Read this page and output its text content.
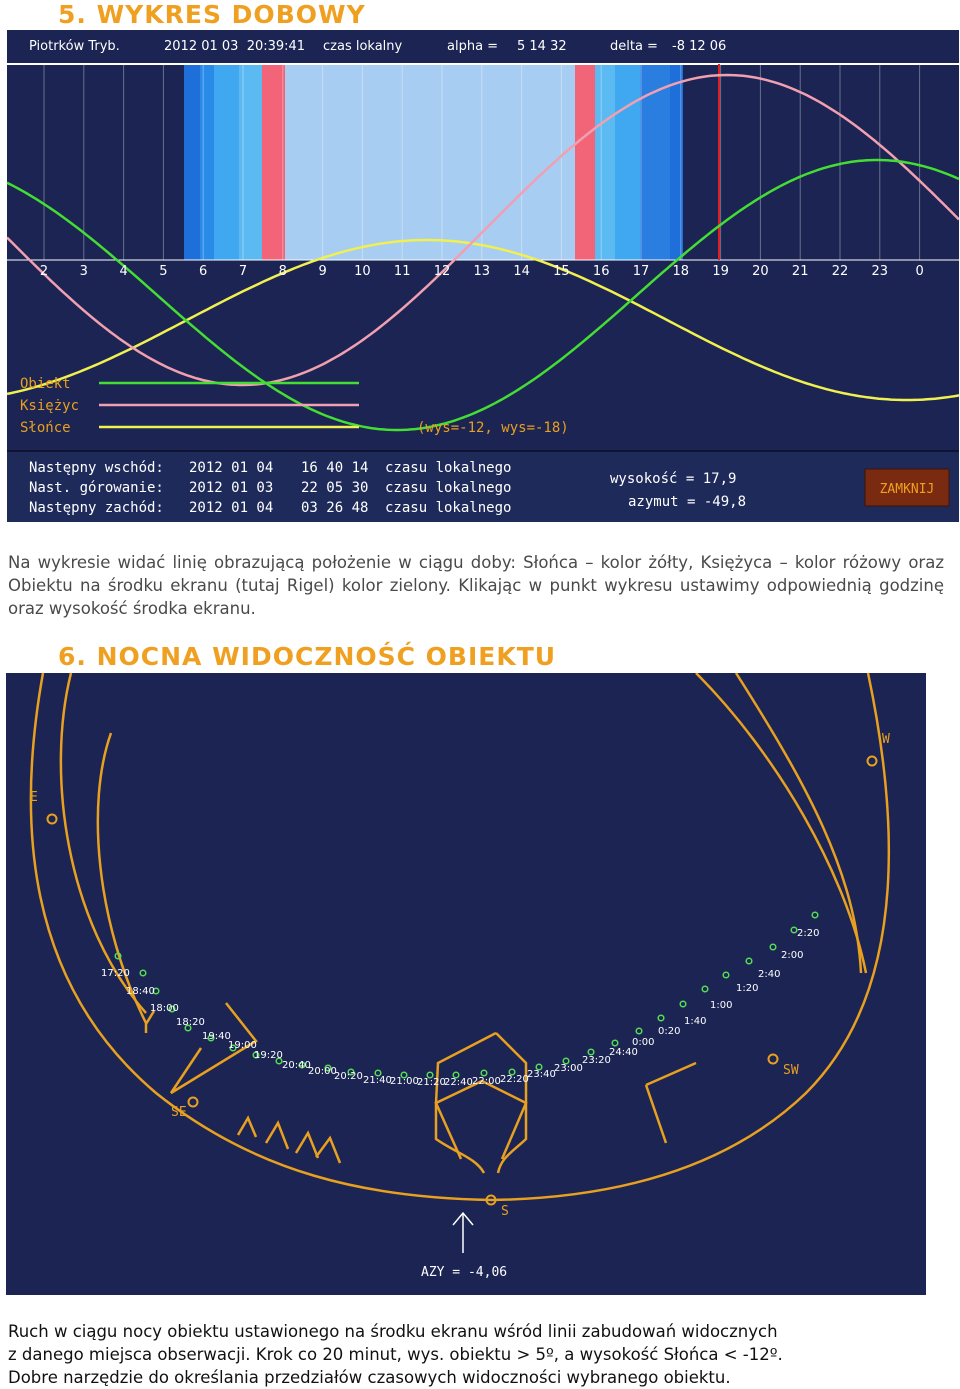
5. WYKRES DOBOWY
2 3 4 5 6 7 8 9 10 11 12 13 14 15 16 17 18 19 20 21 22 23 0
Piotrków Tryb.	2012 01 03  20:39:41 czas lokalny	alpha = 5 14 32	delta = -8 12 06
Obiekt
Księżyc
Słońce	(wys=-12, wys=-18)
Następny wschód: 2012 01 04 16 40 14 czasu lokalnego
Nast. górowanie: 2012 01 03 22 05 30 czasu lokalnego
Następny zachód: 2012 01 04 03 26 48 czasu lokalnego
wysokość = 17,9
azymut = -49,8
ZAMKNIJ

Na wykresie widać linię obrazującą położenie w ciągu doby: Słońca – kolor żółty, Księżyca – kolor różowy oraz Obiektu na środku ekranu (tutaj Rigel) kolor zielony. Klikając w punkt wykresu ustawimy odpowiednią godzinę oraz wysokość środka ekranu.

6. NOCNA WIDOCZNOŚĆ OBIEKTU
E
W
SE
SW
S
17:20
18:40
18:00
18:20
19:40
19:00
19:20
20:40
20:00
20:20 21:40
21:00
21:20
22:40 22:00 22:20
23:40
23:00
23:20
24:40
0:00
0:20
1:40
1:00
1:20
2:40
2:00
2:20
AZY = -4,06

Ruch w ciągu nocy obiektu ustawionego na środku ekranu wśród linii zabudowań widocznych
z danego miejsca obserwacji. Krok co 20 minut, wys. obiektu > 5º, a wysokość Słońca < -12º.
Dobre narzędzie do określania przedziałów czasowych widoczności wybranego obiektu.
